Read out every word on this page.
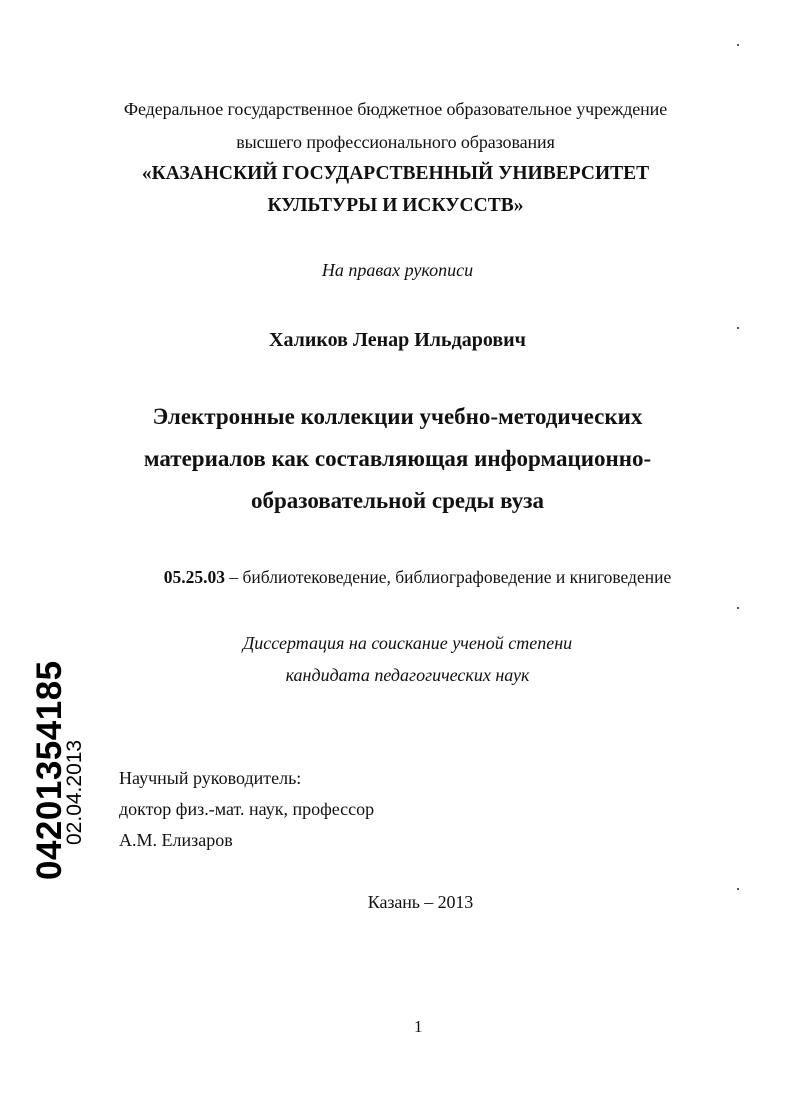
Федеральное государственное бюджетное образовательное учреждение
высшего профессионального образования
«КАЗАНСКИЙ ГОСУДАРСТВЕННЫЙ УНИВЕРСИТЕТ
КУЛЬТУРЫ И ИСКУССТВ»
На правах рукописи
Халиков Ленар Ильдарович
Электронные коллекции учебно-методических
материалов как составляющая информационно-
образовательной среды вуза
05.25.03 – библиотековедение, библиографоведение и книговедение
Диссертация на соискание ученой степени
кандидата педагогических наук
Научный руководитель:
доктор физ.-мат. наук, профессор
А.М. Елизаров
Казань – 2013
1
04201354185
02.04.2013
